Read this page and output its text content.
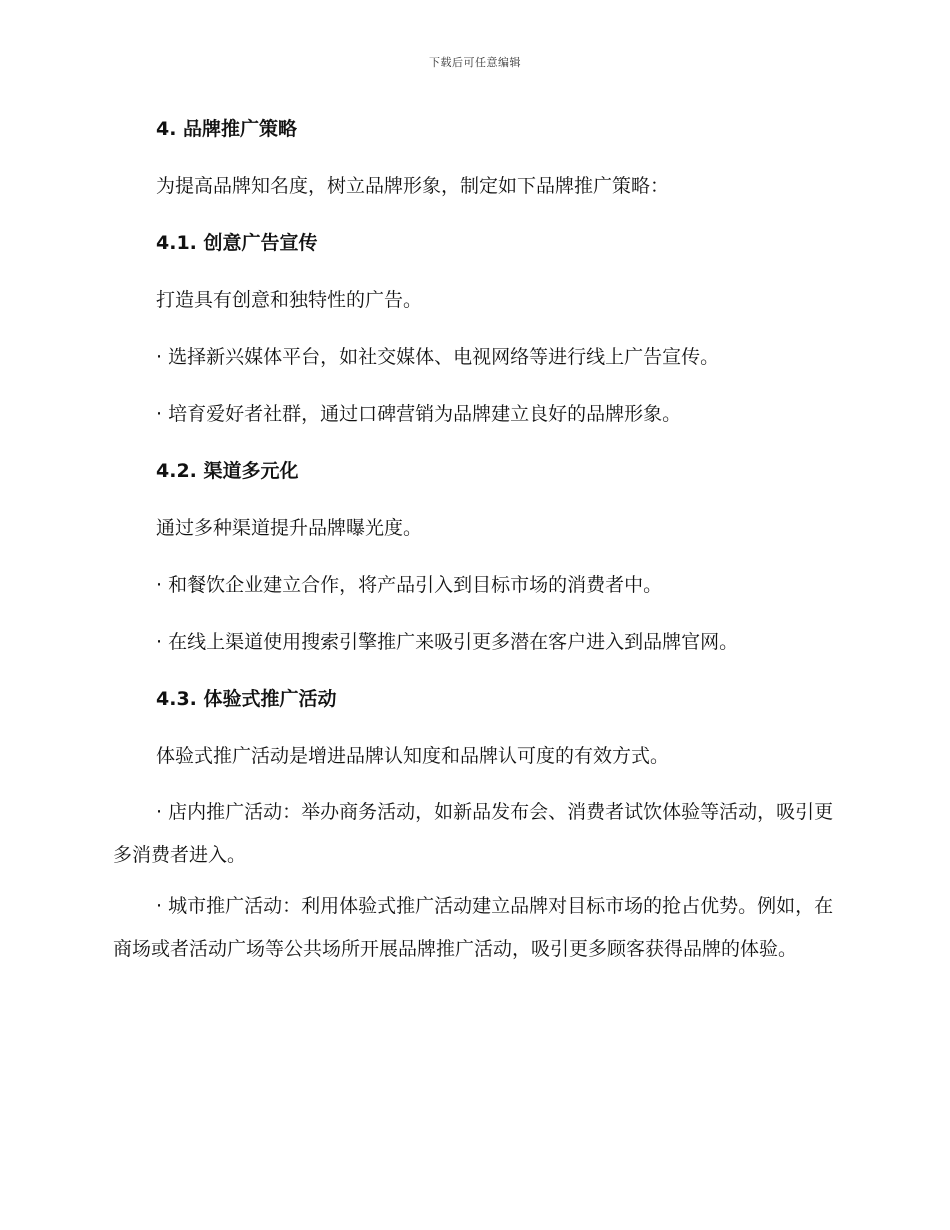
下载后可任意编辑
4. 品牌推广策略

为提高品牌知名度，树立品牌形象，制定如下品牌推广策略：

4.1. 创意广告宣传

打造具有创意和独特性的广告。

· 选择新兴媒体平台，如社交媒体、电视网络等进行线上广告宣传。

· 培育爱好者社群，通过口碑营销为品牌建立良好的品牌形象。

4.2. 渠道多元化

通过多种渠道提升品牌曝光度。

· 和餐饮企业建立合作，将产品引入到目标市场的消费者中。

· 在线上渠道使用搜索引擎推广来吸引更多潜在客户进入到品牌官网。

4.3. 体验式推广活动

体验式推广活动是增进品牌认知度和品牌认可度的有效方式。

· 店内推广活动：举办商务活动，如新品发布会、消费者试饮体验等活动，吸引更多消费者进入。

· 城市推广活动：利用体验式推广活动建立品牌对目标市场的抢占优势。例如，在商场或者活动广场等公共场所开展品牌推广活动，吸引更多顾客获得品牌的体验。
